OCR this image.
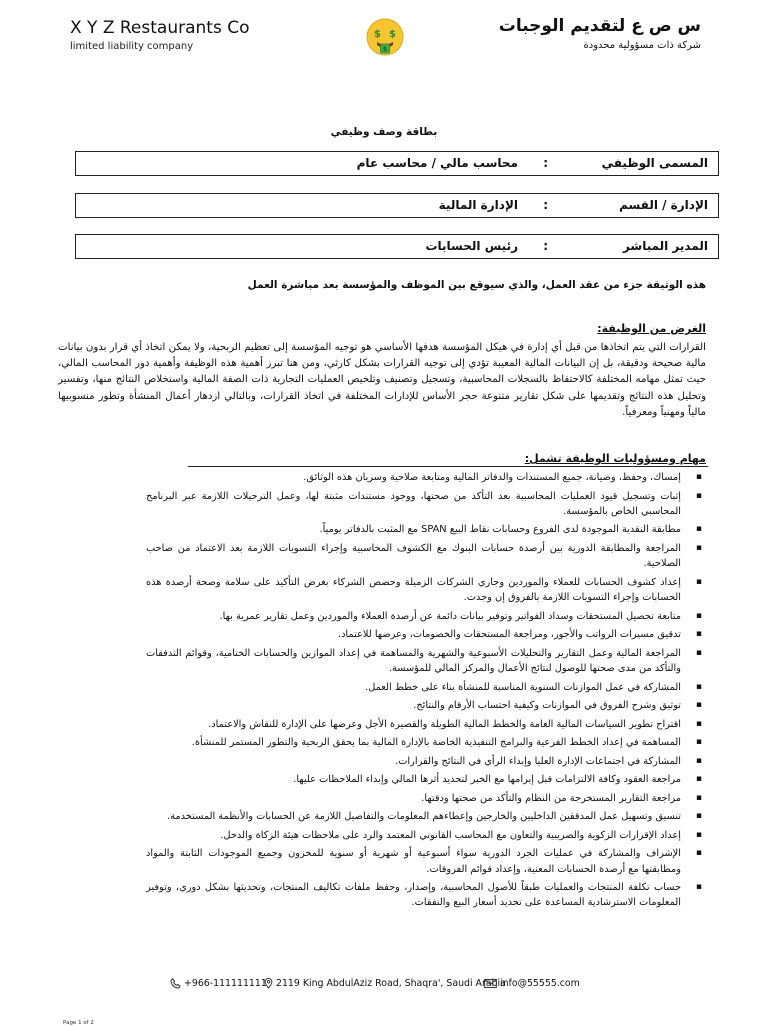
X Y Z Restaurants Co
limited liability company
$ $
$
س ص ع لتقديم الوجبات
شركة ذات مسؤولية محدودة
بطاقة وصف وظيفي
المسمى الوظيفي
:
محاسب مالي / محاسب عام
الإدارة / القسم
:
الإدارة المالية
المدير المباشر
:
رئيس الحسابات
هذه الوثيقة جزء من عقد العمل، والذي سيوقع بين الموظف والمؤسسة بعد مباشرة العمل
الغرض من الوظيفة:
القرارات التي يتم اتخاذها من قبل أي إدارة في هيكل المؤسسة هدفها الأساسي هو توجيه المؤسسة إلى تعظيم الربحية، ولا يمكن اتخاذ أي قرار بدون بيانات مالية صحيحة ودقيقة، بل إن البيانات المالية المعيبة تؤدي إلى توجيه القرارات بشكل كارثي، ومن هنا تبرز أهمية هذه الوظيفة وأهمية دور المحاسب المالي، حيث تمثل مهامه المختلفة كالاحتفاظ بالسجلات المحاسبية، وتسجيل وتصنيف وتلخيص العمليات التجارية ذات الصفة المالية واستخلاص النتائج منها، وتفسير وتحليل هذه النتائج وتقديمها على شكل تقارير متنوعة حجر الأساس للإدارات المختلفة في اتخاذ القرارات، وبالتالي ازدهار أعمال المنشأة وتطور منسوبيها مالياً ومهنياً ومعرفياً.
مهام ومسؤوليات الوظيفة تشمل:
▪ إمساك، وحفظ، وصيانة، جميع المستندات والدفاتر المالية ومتابعة صلاحية وسريان هذه الوثائق.
▪ إثبات وتسجيل قيود العمليات المحاسبية بعد التأكد من صحتها، ووجود مستندات مثبتة لها، وعمل الترحيلات اللازمة عبر البرنامج المحاسبي الخاص بالمؤسسة.
▪ مطابقة النقدية الموجودة لدى الفروع وحسابات نقاط البيع SPAN مع المثبت بالدفاتر يومياً.
▪ المراجعة والمطابقة الدورية بين أرصدة حسابات البنوك مع الكشوف المحاسبية وإجراء التسويات اللازمة بعد الاعتماد من صاحب الصلاحية.
▪ إعداد كشوف الحسابات للعملاء والموردين وجاري الشركات الزميلة وحصص الشركاء بغرض التأكيد على سلامة وصحة أرصدة هذه الحسابات وإجراء التسويات اللازمة بالفروق إن وجدت.
▪ متابعة تحصيل المستحقات وسداد الفواتير وتوفير بيانات دائمة عن أرصدة العملاء والموردين وعمل تقارير عمرية بها.
▪ تدقيق مسيرات الرواتب والأجور، ومراجعة المستحقات والخصومات، وعرضها للاعتماد.
▪ المراجعة المالية وعمل التقارير والتحليلات الأسبوعية والشهرية والمساهمة في إعداد الموازين والحسابات الختامية، وقوائم التدفقات والتأكد من مدى صحتها للوصول لنتائج الأعمال والمركز المالي للمؤسسة.
▪ المشاركة في عمل الموازنات السنوية المناسبة للمنشأة بناء على خطط العمل.
▪ توثيق وشرح الفروق في الموازنات وكيفية احتساب الأرقام والنتائج.
▪ اقتراح تطوير السياسات المالية العامة والخطط المالية الطويلة والقصيرة الأجل وعرضها على الإدارة للنقاش والاعتماد.
▪ المساهمة في إعداد الخطط الفرعية والبرامج التنفيذية الخاصة بالإدارة المالية بما يحقق الربحية والتطور المستمر للمنشأة.
▪ المشاركة في اجتماعات الإدارة العليا وإبداء الرأي في النتائج والقرارات.
▪ مراجعة العقود وكافة الالتزامات قبل إبرامها مع الخبر لتحديد أثرها المالي وإبداء الملاحظات عليها.
▪ مراجعة التقارير المستخرجة من النظام والتأكد من صحتها ودقتها.
▪ تنسيق وتسهيل عمل المدققين الداخليين والخارجين وإعطاءهم المعلومات والتفاصيل اللازمة عن الحسابات والأنظمة المستخدمة.
▪ إعداد الإقرارات الزكوية والضريبية والتعاون مع المحاسب القانوني المعتمد والرد على ملاحظات هيئة الزكاة والدخل.
▪ الإشراف والمشاركة في عمليات الجرد الدورية سواء أسبوعية أو شهرية أو سنوية للمخزون وجميع الموجودات الثابتة والمواد ومطابقتها مع أرصدة الحسابات المعنية، وإعداد قوائم الفروقات.
▪ حساب تكلفة المنتجات والعمليات طبقاً للأصول المحاسبية، وإصدار، وحفظ ملفات تكاليف المنتجات، وتحديثها بشكل دوري، وتوفير المعلومات الاسترشادية المساعدة على تحديد أسعار البيع والنفقات.
+966-111111111 2119 King AbdulAziz Road, Shaqra', Saudi Arabia
info@55555.com
Page 1 of 2
